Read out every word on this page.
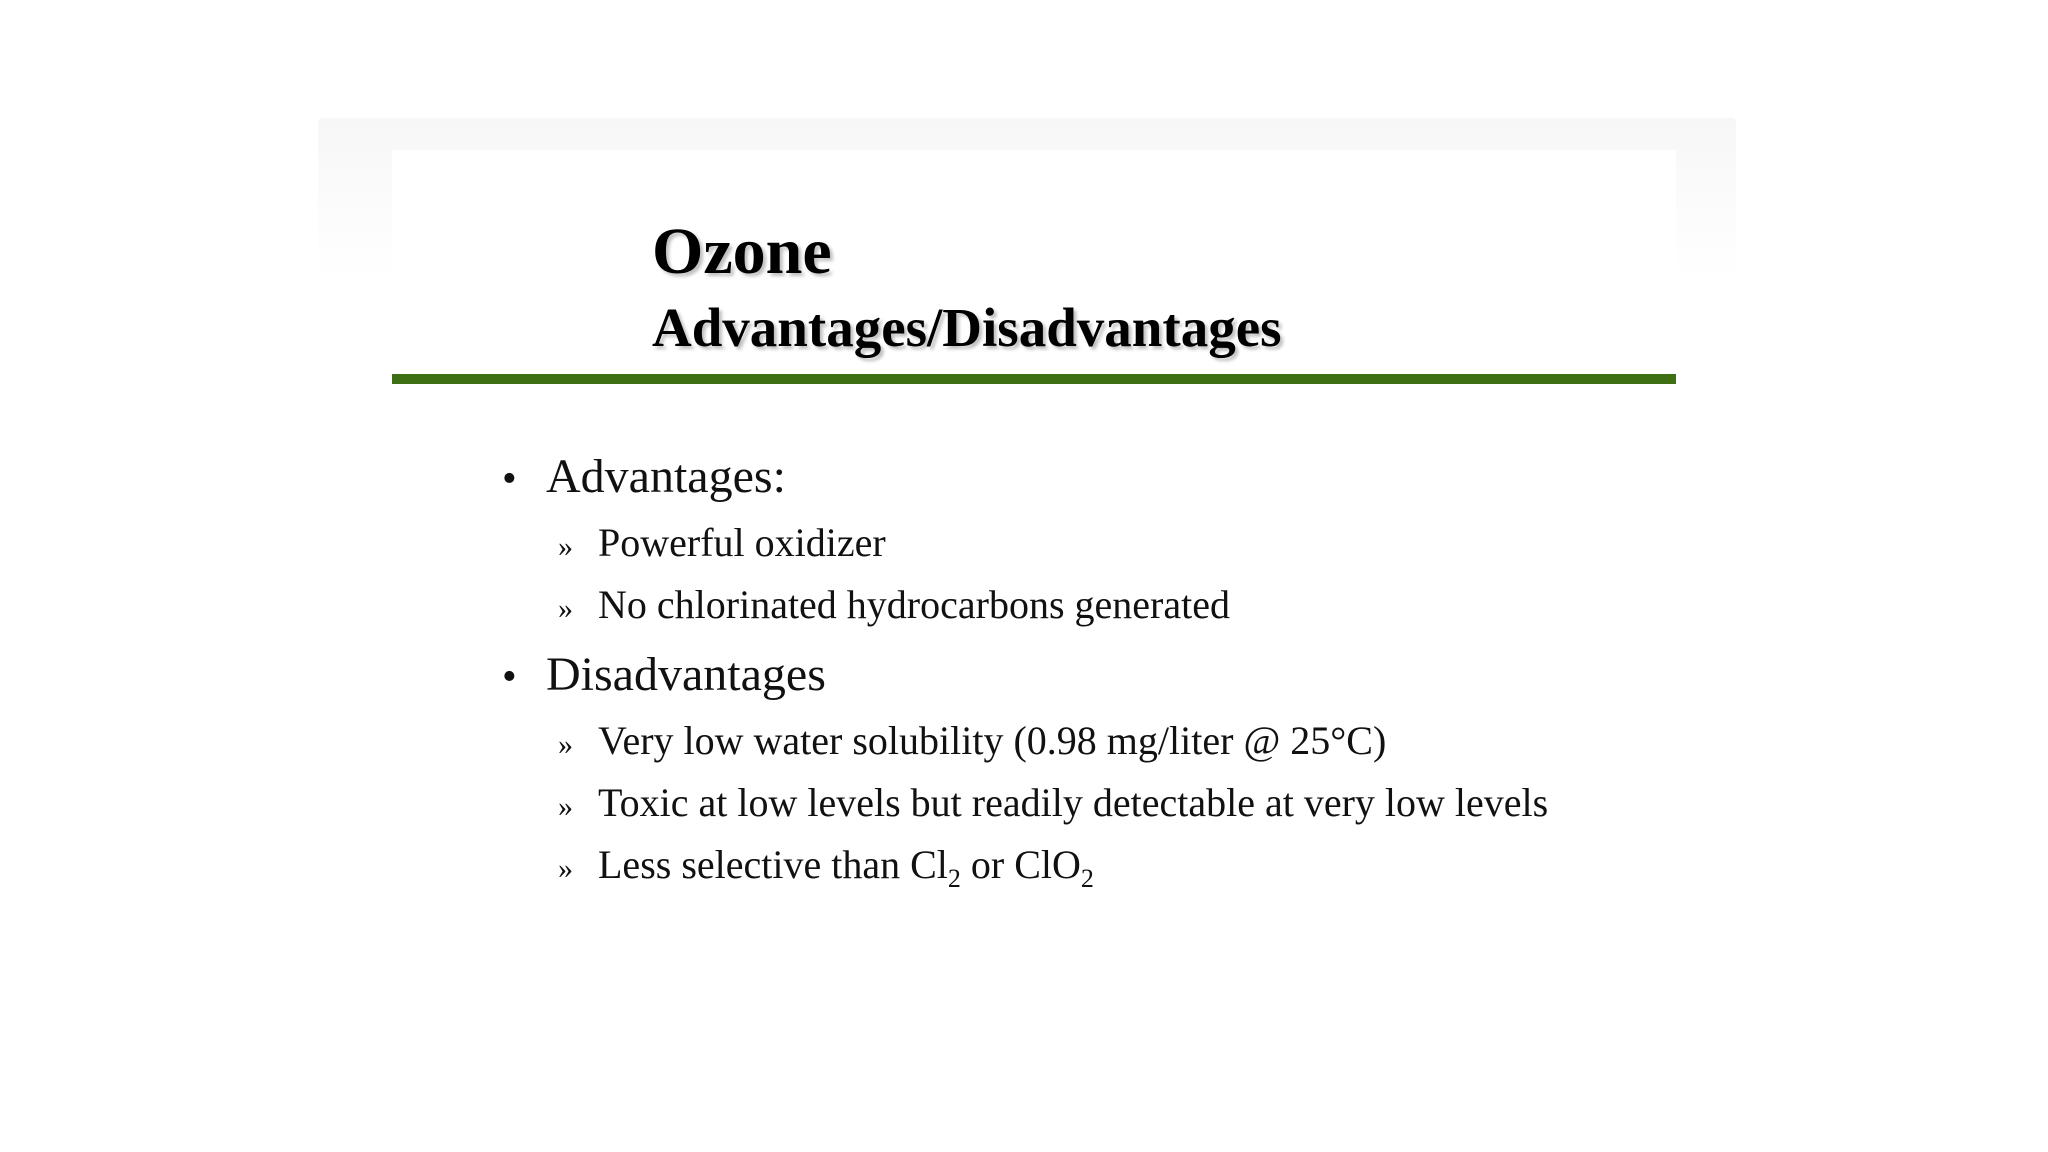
Ozone
Advantages/Disadvantages
• Advantages:
» Powerful oxidizer
» No chlorinated hydrocarbons generated
• Disadvantages
» Very low water solubility (0.98 mg/liter @ 25°C)
» Toxic at low levels but readily detectable at very low levels
» Less selective than $Cl_2$ or ClO$_2$
